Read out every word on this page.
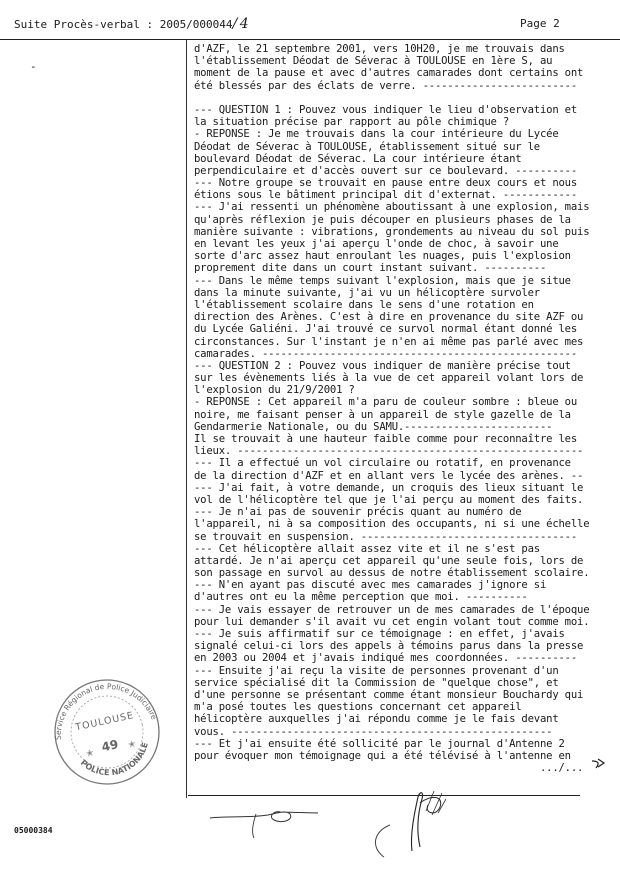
Suite Procès-verbal : 2005/000044/ 4	Page 2
-
d'AZF, le 21 septembre 2001, vers 10H20, je me trouvais dans
l'établissement Déodat de Séverac à TOULOUSE en 1ère S, au
moment de la pause et avec d'autres camarades dont certains ont
été blessés par des éclats de verre. -------------------------
--- QUESTION 1 : Pouvez vous indiquer le lieu d'observation et
la situation précise par rapport au pôle chimique ?
- REPONSE : Je me trouvais dans la cour intérieure du Lycée
Déodat de Séverac à TOULOUSE, établissement situé sur le
boulevard Déodat de Séverac. La cour intérieure étant
perpendiculaire et d'accès ouvert sur ce boulevard. ----------
--- Notre groupe se trouvait en pause entre deux cours et nous
étions sous le bâtiment principal dit d'externat. ------------
--- J'ai ressenti un phénomène aboutissant à une explosion, mais
qu'après réflexion je puis découper en plusieurs phases de la
manière suivante : vibrations, grondements au niveau du sol puis
en levant les yeux j'ai aperçu l'onde de choc, à savoir une
sorte d'arc assez haut enroulant les nuages, puis l'explosion
proprement dite dans un court instant suivant. ----------
--- Dans le même temps suivant l'explosion, mais que je situe
dans la minute suivante, j'ai vu un hélicoptère survoler
l'établissement scolaire dans le sens d'une rotation en
direction des Arènes. C'est à dire en provenance du site AZF ou
du Lycée Galiéni. J'ai trouvé ce survol normal étant donné les
circonstances. Sur l'instant je n'en ai même pas parlé avec mes
camarades. ---------------------------------------------------
--- QUESTION 2 : Pouvez vous indiquer de manière précise tout
sur les évènements liés à la vue de cet appareil volant lors de
l'explosion du 21/9/2001 ?
- REPONSE : Cet appareil m'a paru de couleur sombre : bleue ou
noire, me faisant penser à un appareil de style gazelle de la
Gendarmerie Nationale, ou du SAMU.------------------------
Il se trouvait à une hauteur faible comme pour reconnaître les
lieux. --------------------------------------------------------
--- Il a effectué un vol circulaire ou rotatif, en provenance
de la direction d'AZF et en allant vers le lycée des arènes. --
--- J'ai fait, à votre demande, un croquis des lieux situant le
vol de l'hélicoptère tel que je l'ai perçu au moment des faits.
--- Je n'ai pas de souvenir précis quant au numéro de
l'appareil, ni à sa composition des occupants, ni si une échelle
se trouvait en suspension. -----------------------------------
--- Cet hélicoptère allait assez vite et il ne s'est pas
attardé. Je n'ai aperçu cet appareil qu'une seule fois, lors de
son passage en survol au dessus de notre établissement scolaire.
--- N'en ayant pas discuté avec mes camarades j'ignore si
d'autres ont eu la même perception que moi. ----------
--- Je vais essayer de retrouver un de mes camarades de l'époque
pour lui demander s'il avait vu cet engin volant tout comme moi.
--- Je suis affirmatif sur ce témoignage : en effet, j'avais
signalé celui-ci lors des appels à témoins parus dans la presse
en 2003 ou 2004 et j'avais indiqué mes coordonnées. ----------
--- Ensuite j'ai reçu la visite de personnes provenant d'un
service spécialisé dit la Commission de "quelque chose", et
d'une personne se présentant comme étant monsieur Bouchardy qui
m'a posé toutes les questions concernant cet appareil
hélicoptère auxquelles j'ai répondu comme je le fais devant
vous. ----------------------------------------------------
--- Et j'ai ensuite été sollicité par le journal d'Antenne 2
pour évoquer mon témoignage qui a été télévisé à l'antenne en
.../...
Service Régional de Police Judiciaire
POLICE NATIONALE
TOULOUSE
49
✭
✭
05000384
